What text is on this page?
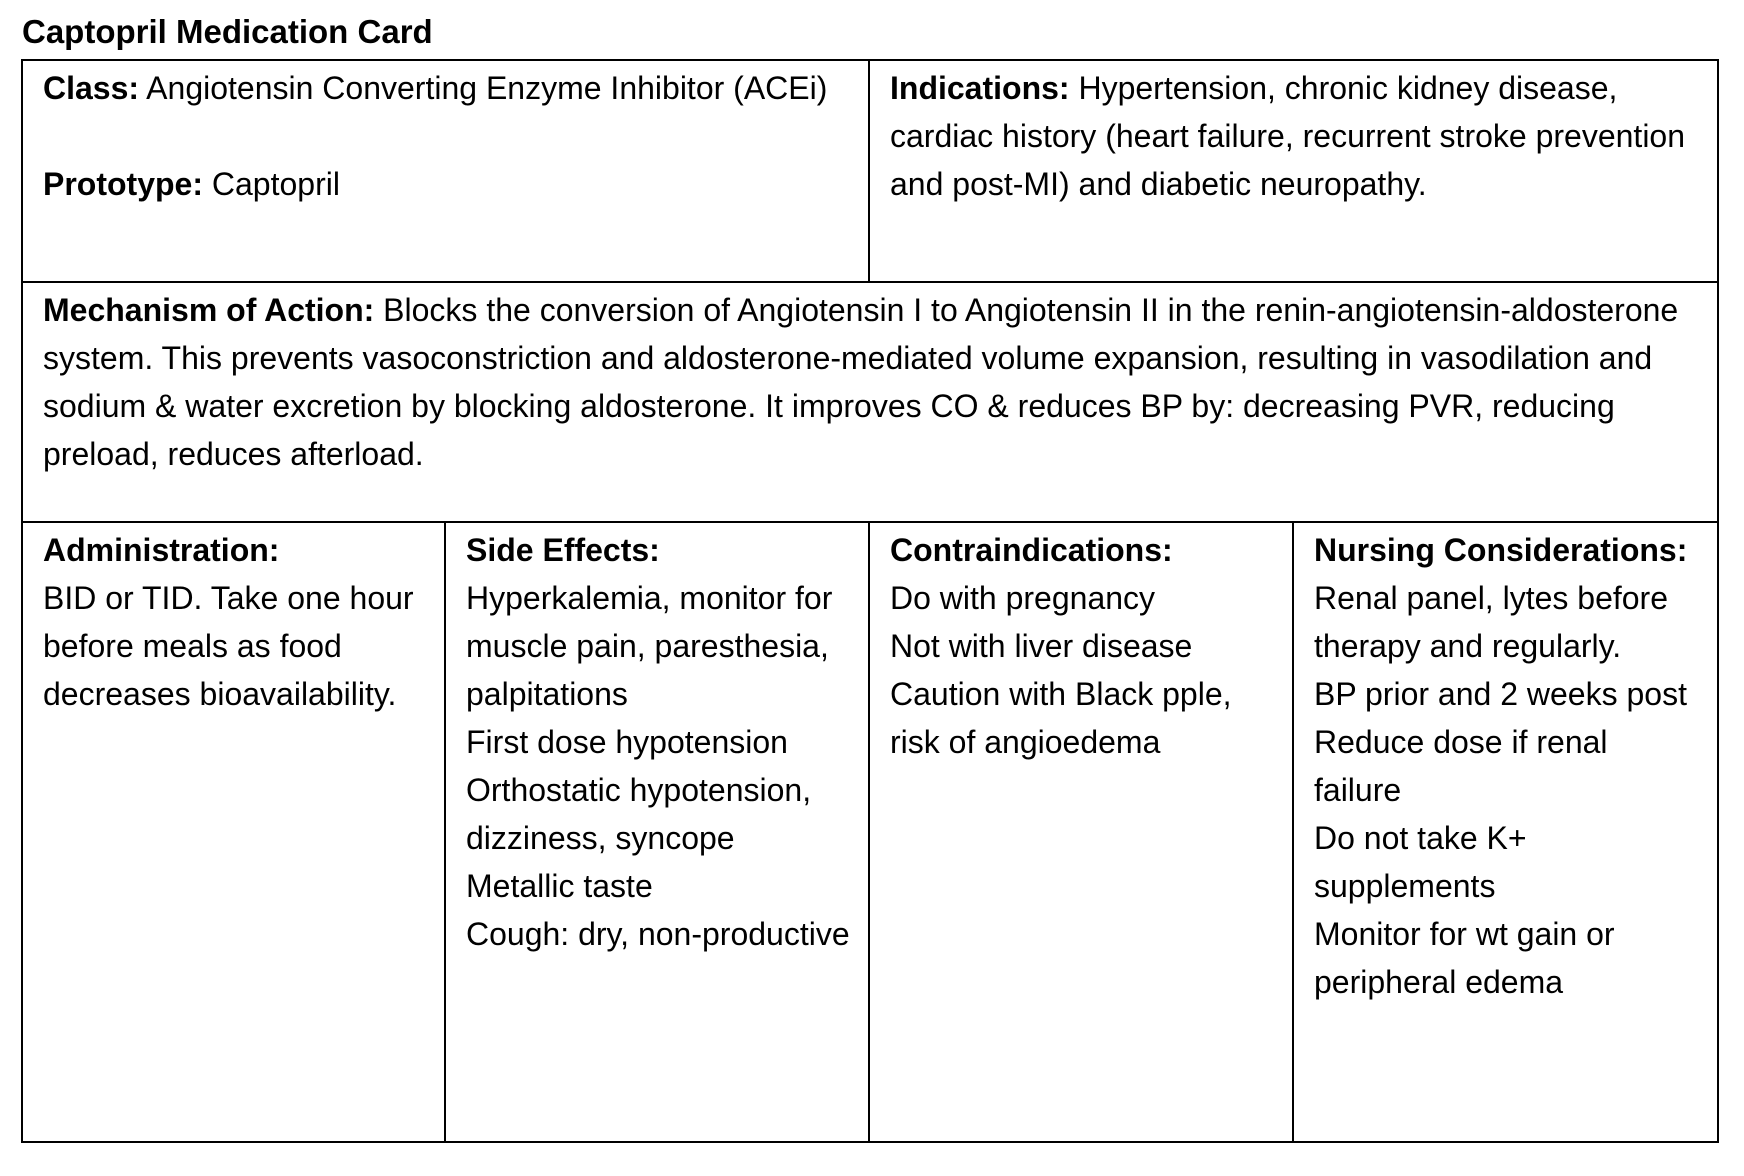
Captopril Medication Card

Class: Angiotensin Converting Enzyme Inhibitor (ACEi)

Prototype: Captopril

Indications: Hypertension, chronic kidney disease, cardiac history (heart failure, recurrent stroke prevention and post-MI) and diabetic neuropathy.

Mechanism of Action: Blocks the conversion of Angiotensin I to Angiotensin II in the renin-angiotensin-aldosterone system. This prevents vasoconstriction and aldosterone-mediated volume expansion, resulting in vasodilation and sodium & water excretion by blocking aldosterone. It improves CO & reduces BP by: decreasing PVR, reducing preload, reduces afterload.

Administration:
BID or TID. Take one hour before meals as food decreases bioavailability.
Side Effects:
Hyperkalemia, monitor for muscle pain, paresthesia, palpitations
First dose hypotension
Orthostatic hypotension, dizziness, syncope
Metallic taste
Cough: dry, non-productive
Contraindications:
Do with pregnancy
Not with liver disease
Caution with Black pple, risk of angioedema
Nursing Considerations:
Renal panel, lytes before therapy and regularly.
BP prior and 2 weeks post
Reduce dose if renal failure
Do not take K+ supplements
Monitor for wt gain or peripheral edema
